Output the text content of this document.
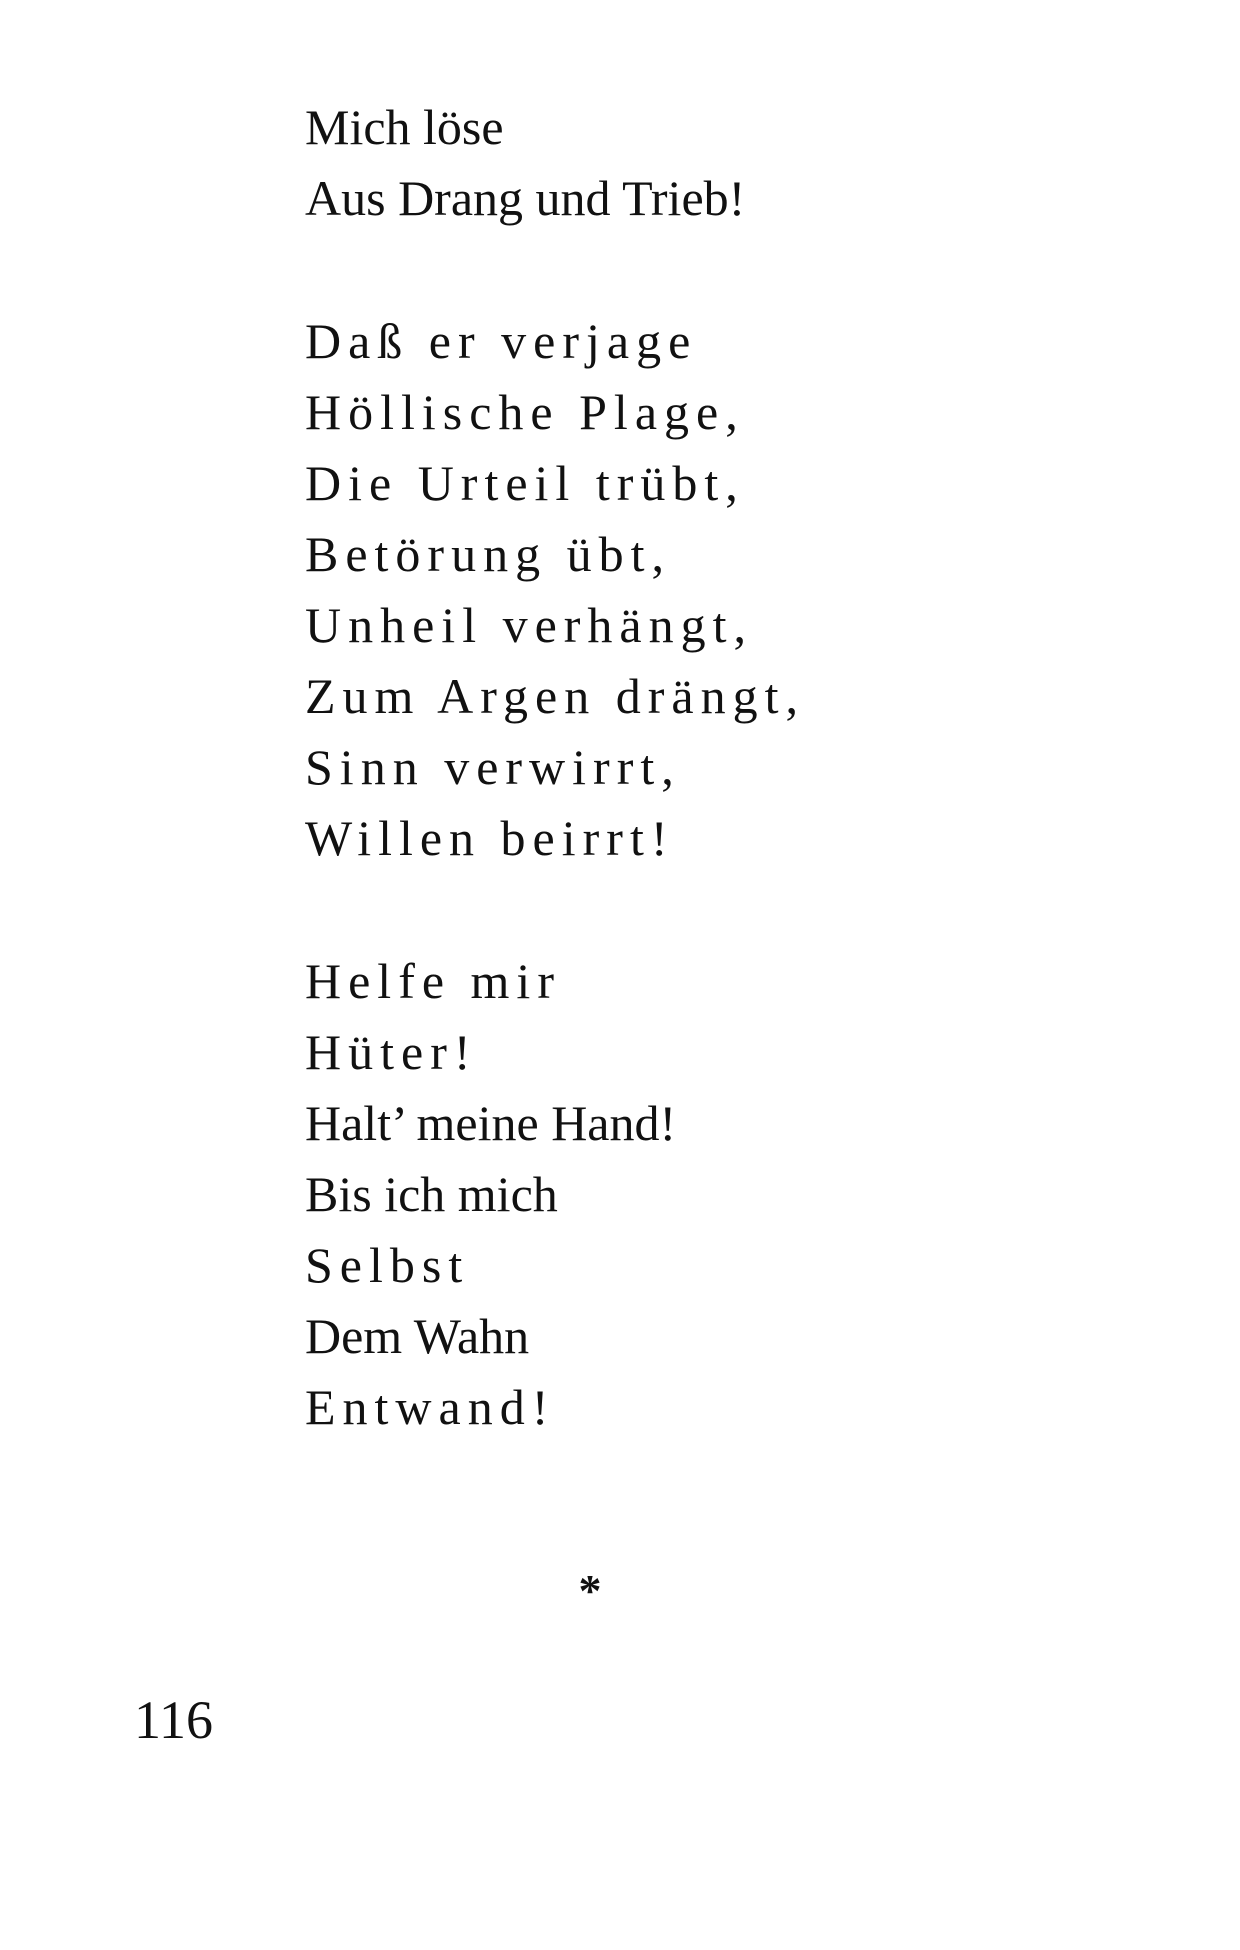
Mich löse
Aus Drang und Trieb!
Daß er verjage
Höllische Plage,
Die Urteil trübt,
Betörung übt,
Unheil verhängt,
Zum Argen drängt,
Sinn verwirrt,
Willen beirrt!
Helfe mir
Hüter!
Halt’ meine Hand!
Bis ich mich
Selbst
Dem Wahn
Entwand!
*
116
